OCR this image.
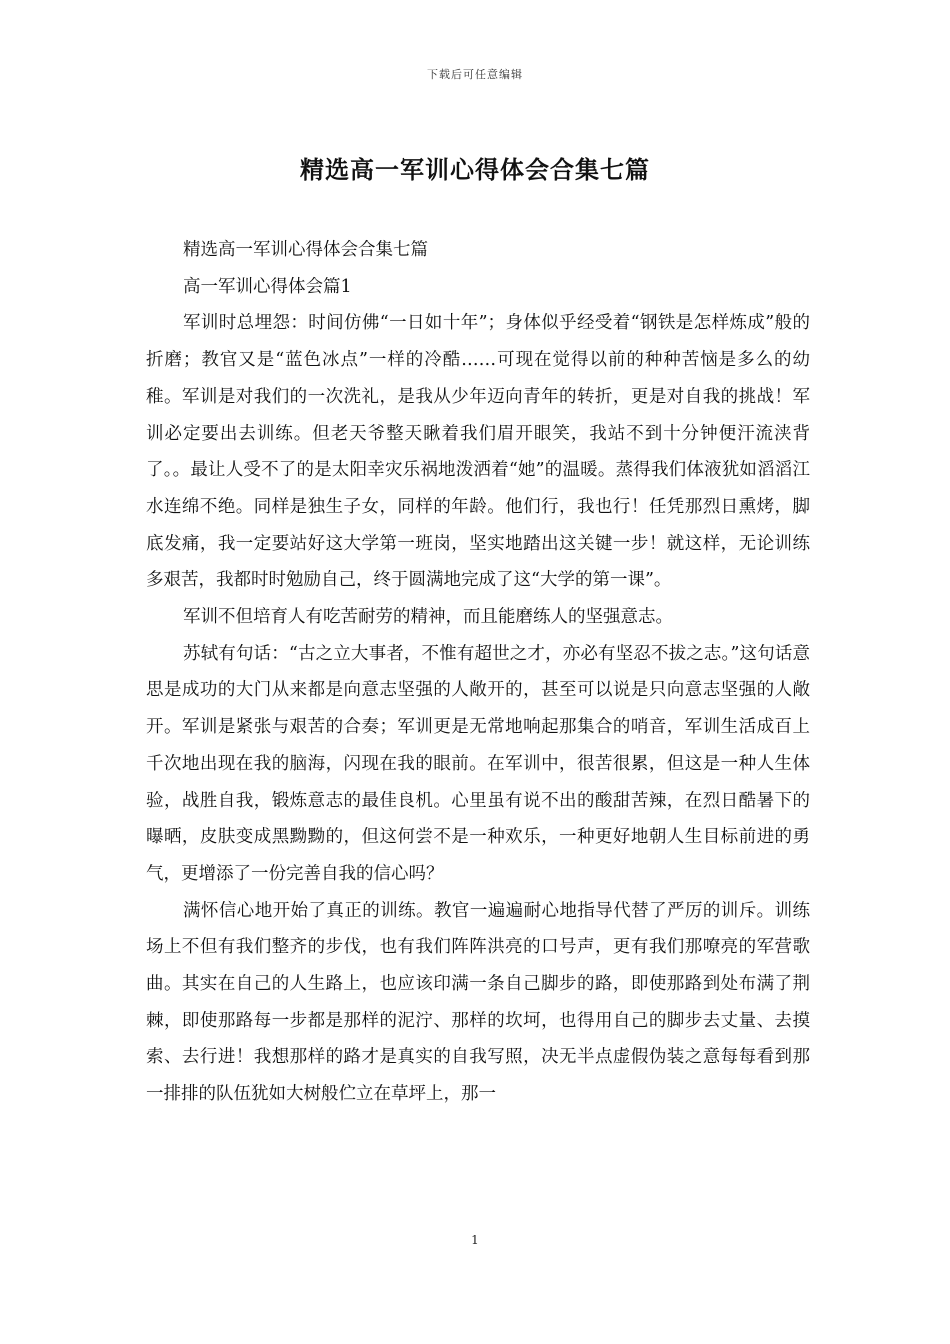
下载后可任意编辑
精选高一军训心得体会合集七篇

精选高一军训心得体会合集七篇

高一军训心得体会篇1

军训时总埋怨：时间仿佛“一日如十年”；身体似乎经受着“钢铁是怎样炼成”般的折磨；教官又是“蓝色冰点”一样的冷酷……可现在觉得以前的种种苦恼是多么的幼稚。军训是对我们的一次洗礼，是我从少年迈向青年的转折，更是对自我的挑战！军训必定要出去训练。但老天爷整天瞅着我们眉开眼笑，我站不到十分钟便汗流浃背了。。最让人受不了的是太阳幸灾乐祸地泼洒着“她”的温暖。蒸得我们体液犹如滔滔江水连绵不绝。同样是独生子女，同样的年龄。他们行，我也行！任凭那烈日熏烤，脚底发痛，我一定要站好这大学第一班岗，坚实地踏出这关键一步！就这样，无论训练多艰苦，我都时时勉励自己，终于圆满地完成了这“大学的第一课”。

军训不但培育人有吃苦耐劳的精神，而且能磨练人的坚强意志。

苏轼有句话：“古之立大事者，不惟有超世之才，亦必有坚忍不拔之志。”这句话意思是成功的大门从来都是向意志坚强的人敞开的，甚至可以说是只向意志坚强的人敞开。军训是紧张与艰苦的合奏；军训更是无常地响起那集合的哨音，军训生活成百上千次地出现在我的脑海，闪现在我的眼前。在军训中，很苦很累，但这是一种人生体验，战胜自我，锻炼意志的最佳良机。心里虽有说不出的酸甜苦辣，在烈日酷暑下的曝晒，皮肤变成黑黝黝的，但这何尝不是一种欢乐，一种更好地朝人生目标前进的勇气，更增添了一份完善自我的信心吗？

满怀信心地开始了真正的训练。教官一遍遍耐心地指导代替了严厉的训斥。训练场上不但有我们整齐的步伐，也有我们阵阵洪亮的口号声，更有我们那嘹亮的军营歌曲。其实在自己的人生路上，也应该印满一条自己脚步的路，即使那路到处布满了荆棘，即使那路每一步都是那样的泥泞、那样的坎坷，也得用自己的脚步去丈量、去摸索、去行进！我想那样的路才是真实的自我写照，决无半点虚假伪装之意每每看到那一排排的队伍犹如大树般伫立在草坪上，那一

1
